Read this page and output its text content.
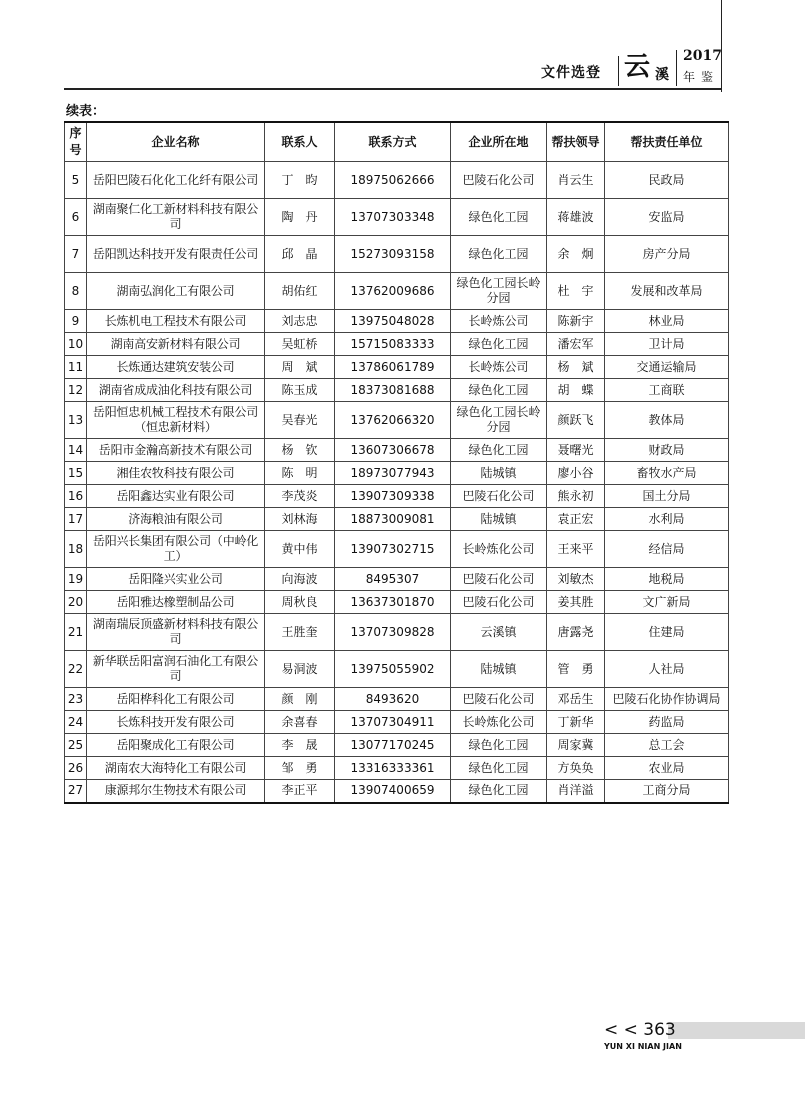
文件选登 云 溪
2017
年鉴
续表：
序号	企业名称	联系人	联系方式	企业所在地	帮扶领导	帮扶责任单位
5	岳阳巴陵石化化工化纤有限公司	丁　昀	18975062666	巴陵石化公司	肖云生	民政局
6	湖南聚仁化工新材料科技有限公司	陶　丹	13707303348	绿色化工园	蒋雄波	安监局
7	岳阳凯达科技开发有限责任公司	邱　晶	15273093158	绿色化工园	余　炯	房产分局
8	湖南弘润化工有限公司	胡佑红	13762009686	绿色化工园长岭分园	杜　宇	发展和改革局
9	长炼机电工程技术有限公司	刘志忠	13975048028	长岭炼公司	陈新宇	林业局
10	湖南高安新材料有限公司	吴虹桥	15715083333	绿色化工园	潘宏军	卫计局
11	长炼通达建筑安装公司	周　斌	13786061789	长岭炼公司	杨　斌	交通运输局
12	湖南省成成油化科技有限公司	陈玉成	18373081688	绿色化工园	胡　蝶	工商联
13	岳阳恒忠机械工程技术有限公司（恒忠新材料）	吴春光	13762066320	绿色化工园长岭分园	颜跃飞	教体局
14	岳阳市金瀚高新技术有限公司	杨　钦	13607306678	绿色化工园	聂曙光	财政局
15	湘佳农牧科技有限公司	陈　明	18973077943	陆城镇	廖小谷	畜牧水产局
16	岳阳鑫达实业有限公司	李茂炎	13907309338	巴陵石化公司	熊永初	国土分局
17	济海粮油有限公司	刘林海	18873009081	陆城镇	袁正宏	水利局
18	岳阳兴长集团有限公司（中岭化工）	黄中伟	13907302715	长岭炼化公司	王来平	经信局
19	岳阳隆兴实业公司	向海波	8495307	巴陵石化公司	刘敏杰	地税局
20	岳阳雅达橡塑制品公司	周秋良	13637301870	巴陵石化公司	姜其胜	文广新局
21	湖南瑞辰顶盛新材料科技有限公司	王胜奎	13707309828	云溪镇	唐露尧	住建局
22	新华联岳阳富润石油化工有限公司	易洞波	13975055902	陆城镇	管　勇	人社局
23	岳阳桦科化工有限公司	颜　刚	8493620	巴陵石化公司	邓岳生	巴陵石化协作协调局
24	长炼科技开发有限公司	余喜春	13707304911	长岭炼化公司	丁新华	药监局
25	岳阳聚成化工有限公司	李　晟	13077170245	绿色化工园	周家冀	总工会
26	湖南农大海特化工有限公司	邹　勇	13316333361	绿色化工园	方奂奂	农业局
27	康源邦尔生物技术有限公司	李正平	13907400659	绿色化工园	肖洋溢	工商分局
< < 363
YUN XI NIAN JIAN
